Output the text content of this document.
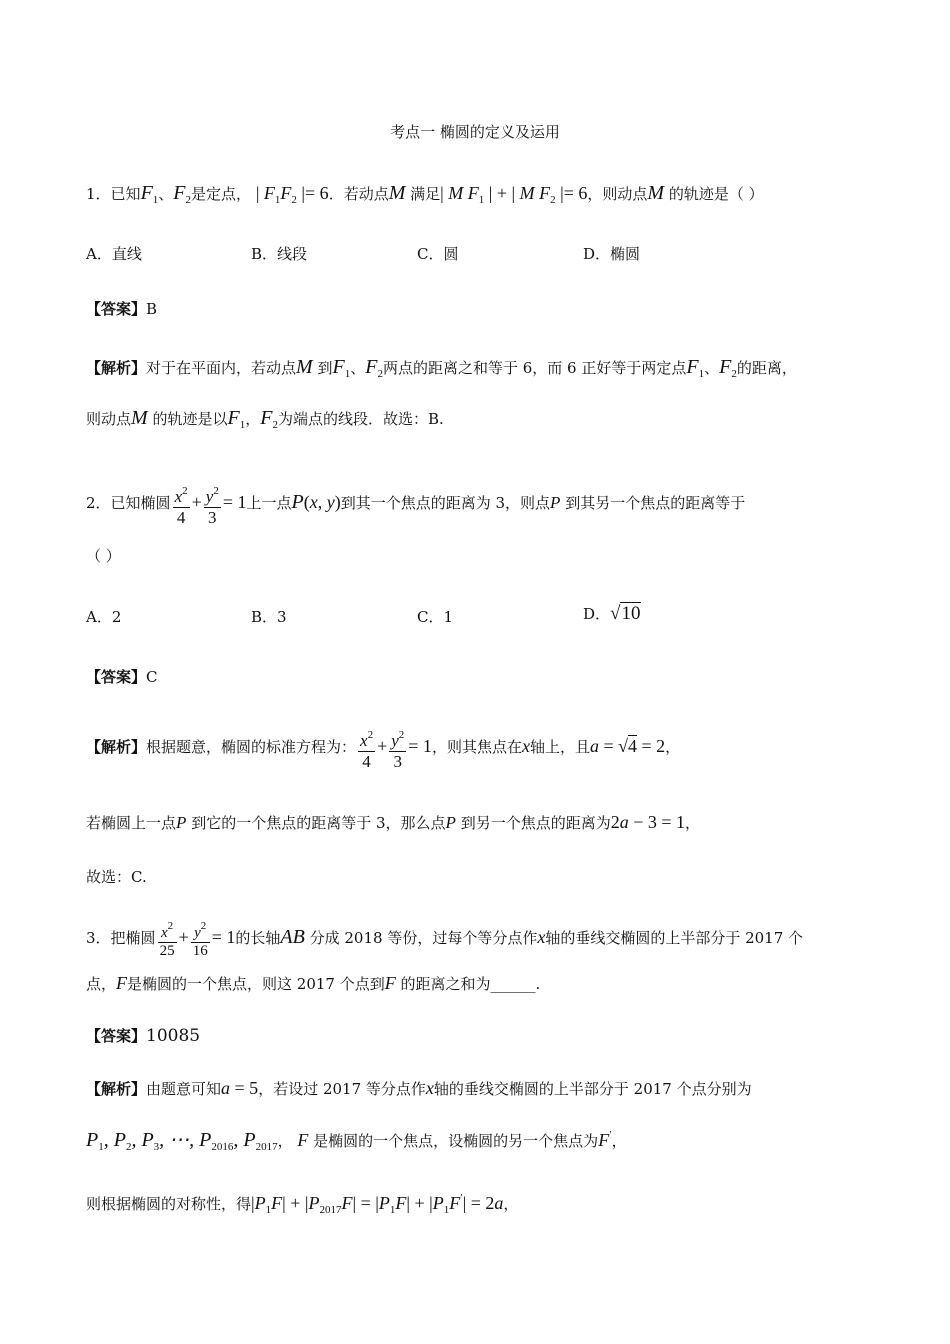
考点一 椭圆的定义及运用
1．已知$F_1$、$F_2$是定点， | $F_1F_2$ |= 6．若动点M 满足| M $F_1$ | + | M $F_2$ |= 6，则动点M 的轨迹是（ ）
A．直线	B．线段	C．圆	D．椭圆
【答案】B
【解析】对于在平面内，若动点M 到$F_1$、$F_2$两点的距离之和等于 6，而 6 正好等于两定点$F_1$、$F_2$的距离，
则动点M 的轨迹是以$F_1$，$F_2$为端点的线段．故选：B.
2．已知椭圆 $\frac{x^2}{4} + \frac{y^2}{3} = 1$上一点P(x, y)到其一个焦点的距离为 3，则点P 到其另一个焦点的距离等于
（ ）
A．2	B．3	C．1	D．√10
【答案】C
【解析】根据题意，椭圆的标准方程为： $\frac{x^2}{4} + \frac{y^2}{3} = 1$，则其焦点在x轴上，且a = √4 = 2，
若椭圆上一点P 到它的一个焦点的距离等于 3，那么点P 到另一个焦点的距离为2a − 3 = 1，
故选：C.
3．把椭圆 $\frac{x^2}{25} + \frac{y^2}{16} = 1$的长轴AB 分成 2018 等份，过每个等分点作x轴的垂线交椭圆的上半部分于 2017 个
点，F是椭圆的一个焦点，则这 2017 个点到F 的距离之和为______.
【答案】10085
【解析】由题意可知a = 5，若设过 2017 等分点作x轴的垂线交椭圆的上半部分于 2017 个点分别为
$P_1$, $P_2$, $P_3$, ⋯, $P_{2016}$, $P_{2017}$， F 是椭圆的一个焦点，设椭圆的另一个焦点为F′，
则根据椭圆的对称性，得$|P_1F| + |P_{2017}F| = |P_1F| + |P_1F'| = 2a$，
